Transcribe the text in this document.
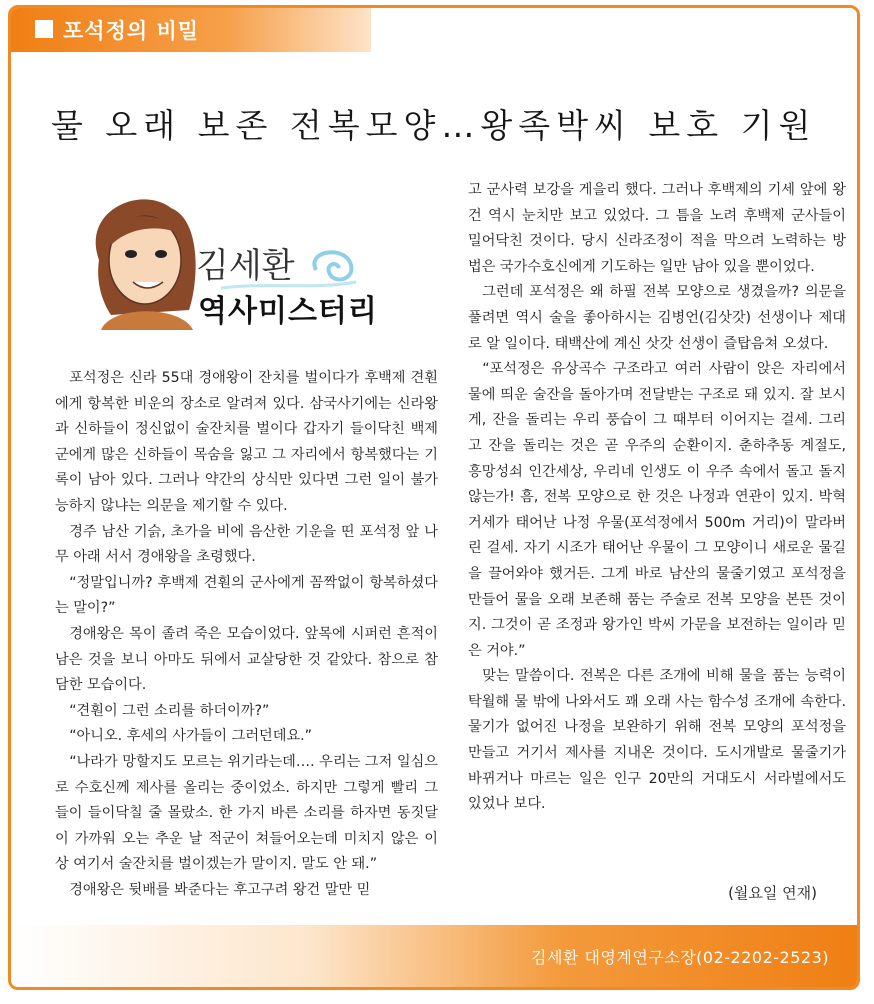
포석정의 비밀
물 오래 보존 전복모양…왕족박씨 보호 기원
김세환
역사미스터리

포석정은 신라 55대 경애왕이 잔치를 벌이다가 후백제 견훤에게 항복한 비운의 장소로 알려져 있다. 삼국사기에는 신라왕과 신하들이 정신없이 술잔치를 벌이다 갑자기 들이닥친 백제군에게 많은 신하들이 목숨을 잃고 그 자리에서 항복했다는 기록이 남아 있다. 그러나 약간의 상식만 있다면 그런 일이 불가능하지 않냐는 의문을 제기할 수 있다.

경주 남산 기슭, 초가을 비에 음산한 기운을 띤 포석정 앞 나무 아래 서서 경애왕을 초령했다.

“정말입니까? 후백제 견훤의 군사에게 꼼짝없이 항복하셨다는 말이?”

경애왕은 목이 졸려 죽은 모습이었다. 앞목에 시퍼런 흔적이 남은 것을 보니 아마도 뒤에서 교살당한 것 같았다. 참으로 참담한 모습이다.

“견훤이 그런 소리를 하더이까?”

“아니오. 후세의 사가들이 그러던데요.”

“나라가 망할지도 모르는 위기라는데…. 우리는 그저 일심으로 수호신께 제사를 올리는 중이었소. 하지만 그렇게 빨리 그들이 들이닥칠 줄 몰랐소. 한 가지 바른 소리를 하자면 동짓달이 가까워 오는 추운 날 적군이 쳐들어오는데 미치지 않은 이상 여기서 술잔치를 벌이겠는가 말이지. 말도 안 돼.”

경애왕은 뒷배를 봐준다는 후고구려 왕건 말만 믿

고 군사력 보강을 게을리 했다. 그러나 후백제의 기세 앞에 왕건 역시 눈치만 보고 있었다. 그 틈을 노려 후백제 군사들이 밀어닥친 것이다. 당시 신라조정이 적을 막으려 노력하는 방법은 국가수호신에게 기도하는 일만 남아 있을 뿐이었다.

그런데 포석정은 왜 하필 전복 모양으로 생겼을까? 의문을 풀려면 역시 술을 좋아하시는 김병언(김삿갓) 선생이나 제대로 알 일이다. 태백산에 계신 삿갓 선생이 즐탑음쳐 오셨다.

“포석정은 유상곡수 구조라고 여러 사람이 앉은 자리에서 물에 띄운 술잔을 돌아가며 전달받는 구조로 돼 있지. 잘 보시게, 잔을 돌리는 우리 풍습이 그 때부터 이어지는 걸세. 그리고 잔을 돌리는 것은 곧 우주의 순환이지. 춘하추동 계절도, 흥망성쇠 인간세상, 우리네 인생도 이 우주 속에서 돌고 돌지 않는가! 흠, 전복 모양으로 한 것은 나정과 연관이 있지. 박혁거세가 태어난 나정 우물(포석정에서 500m 거리)이 말라버린 걸세. 자기 시조가 태어난 우물이 그 모양이니 새로운 물길을 끌어와야 했거든. 그게 바로 남산의 물줄기였고 포석정을 만들어 물을 오래 보존해 품는 주술로 전복 모양을 본뜬 것이지. 그것이 곧 조정과 왕가인 박씨 가문을 보전하는 일이라 믿은 거야.”

맞는 말씀이다. 전복은 다른 조개에 비해 물을 품는 능력이 탁월해 물 밖에 나와서도 꽤 오래 사는 함수성 조개에 속한다. 물기가 없어진 나정을 보완하기 위해 전복 모양의 포석정을 만들고 거기서 제사를 지내온 것이다. 도시개발로 물줄기가 바뀌거나 마르는 일은 인구 20만의 거대도시 서라벌에서도 있었나 보다.

(월요일 연재)
김세환 대영계연구소장(02-2202-2523)
